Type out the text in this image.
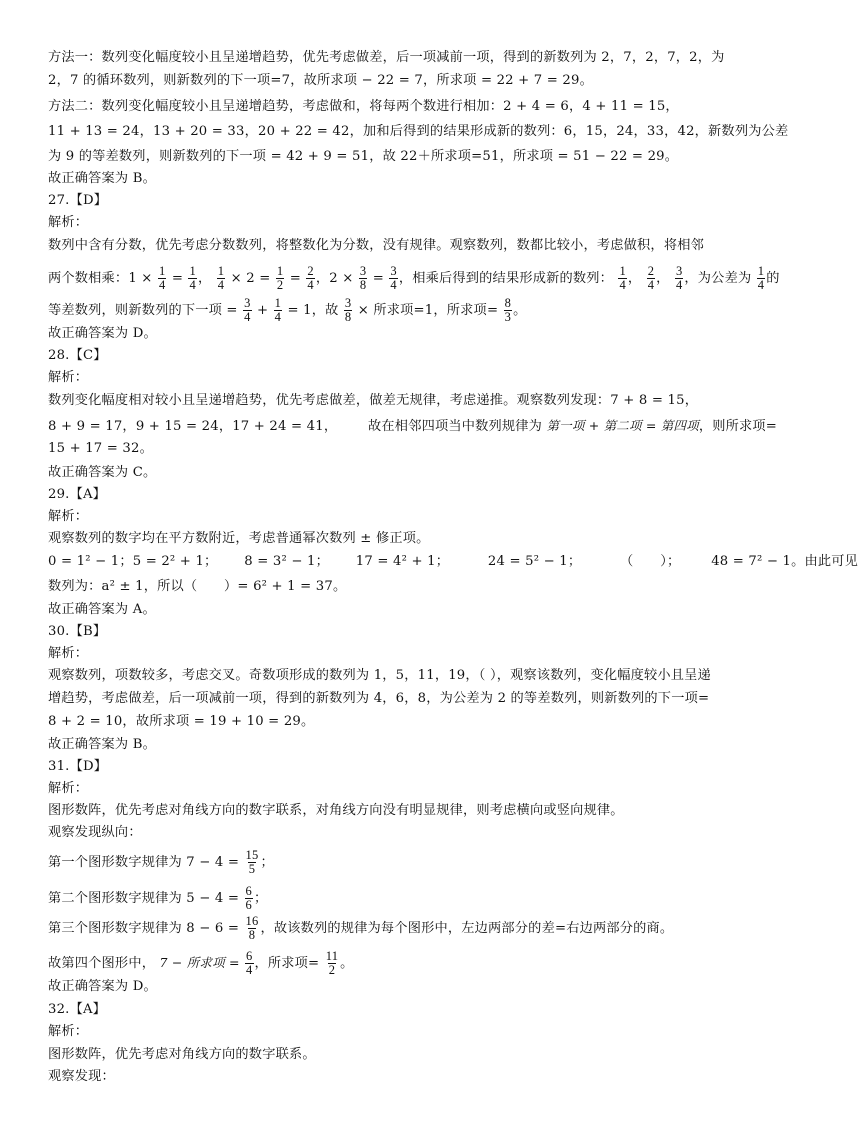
方法一：数列变化幅度较小且呈递增趋势，优先考虑做差，后一项减前一项，得到的新数列为 2，7，2，7，2，为
2，7 的循环数列，则新数列的下一项=7，故所求项 − 22 = 7，所求项 = 22 + 7 = 29。
方法二：数列变化幅度较小且呈递增趋势，考虑做和，将每两个数进行相加：2 + 4 = 6，4 + 11 = 15，
11 + 13 = 24，13 + 20 = 33，20 + 22 = 42，加和后得到的结果形成新的数列：6，15，24，33，42，新数列为公差
为 9 的等差数列，则新数列的下一项 = 42 + 9 = 51，故 22＋所求项=51，所求项 = 51 − 22 = 29。
故正确答案为 B。
27.【D】
解析：
数列中含有分数，优先考虑分数数列，将整数化为分数，没有规律。观察数列，数都比较小，考虑做积，将相邻
两个数相乘：$1 \times \frac{1}{4} = \frac{1}{4}$ ， $\frac{1}{4} \times 2 = \frac{1}{2} = \frac{2}{4}$ ，$2 \times \frac{3}{8} = \frac{3}{4}$ ，相乘后得到的结果形成新的数列： $\frac{1}{4}$ ， $\frac{2}{4}$ ， $\frac{3}{4}$ ，为公差为 $\frac{1}{4}$ 的
等差数列，则新数列的下一项 = $\frac{3}{4} + \frac{1}{4} = 1$，故 $\frac{3}{8}$ × 所求项=1，所求项= $\frac{8}{3}$ 。
故正确答案为 D。
28.【C】
解析：
数列变化幅度相对较小且呈递增趋势，优先考虑做差，做差无规律，考虑递推。观察数列发现：7 + 8 = 15，
8 + 9 = 17，9 + 15 = 24，17 + 24 = 41， 故在相邻四项当中数列规律为 第一项 + 第二项 = 第四项，则所求项=
15 + 17 = 32。
故正确答案为 C。
29.【A】
解析：
观察数列的数字均在平方数附近，考虑普通幂次数列 ± 修正项。
0 = 1² − 1；5 = 2² + 1； 8 = 3² − 1； 17 = 4² + 1；	24 = 5² − 1；	（　　）； 48 = 7² − 1。由此可见
数列为：a² ± 1，所以（　　）= 6² + 1 = 37。
故正确答案为 A。
30.【B】
解析：
观察数列，项数较多，考虑交叉。奇数项形成的数列为 1，5，11，19，（ ），观察该数列，变化幅度较小且呈递
增趋势，考虑做差，后一项减前一项，得到的新数列为 4，6，8，为公差为 2 的等差数列，则新数列的下一项=
8 + 2 = 10，故所求项 = 19 + 10 = 29。
故正确答案为 B。
31.【D】
解析：
图形数阵，优先考虑对角线方向的数字联系，对角线方向没有明显规律，则考虑横向或竖向规律。
观察发现纵向：
第一个图形数字规律为 $7 - 4 = \frac{15}{5}$ ；
第二个图形数字规律为 $5 - 4 = \frac{6}{6}$ ；
第三个图形数字规律为 $8 - 6 = \frac{16}{8}$ ，故该数列的规律为每个图形中，左边两部分的差=右边两部分的商。
故第四个图形中， 7 − 所求项 = $\frac{6}{4}$ ，所求项= $\frac{11}{2}$ 。
故正确答案为 D。
32.【A】
解析：
图形数阵，优先考虑对角线方向的数字联系。
观察发现：
